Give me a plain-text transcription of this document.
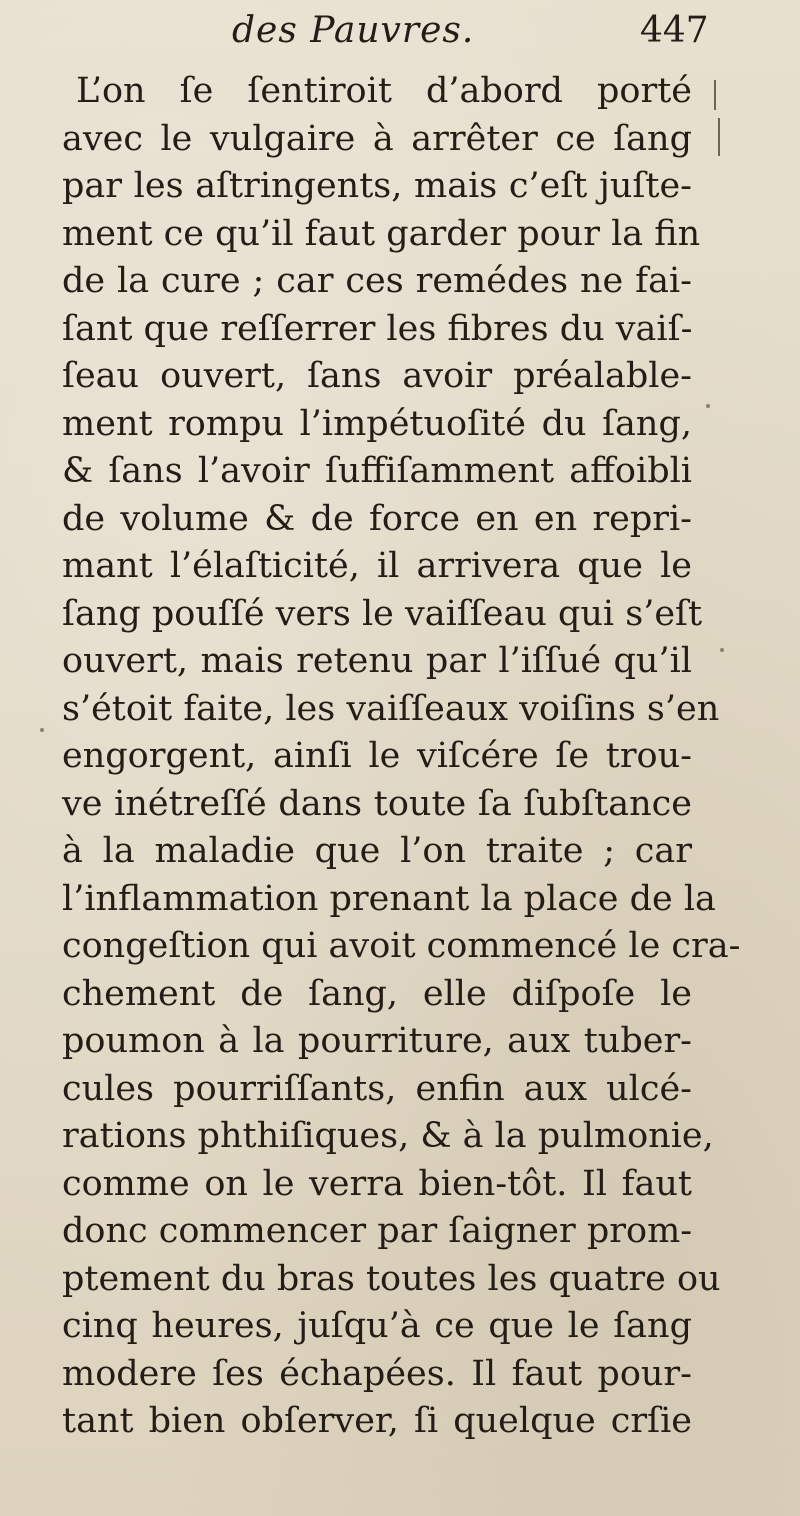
des Pauvres.	447
L’on ſe ſentiroit d’abord porté
avec le vulgaire à arrêter ce ſang
par les aſtringents, mais c’eſt juſte-
ment ce qu’il faut garder pour la fin
de la cure ; car ces remédes ne fai-
ſant que reſſerrer les fibres du vaiſ-
ſeau ouvert, ſans avoir préalable-
ment rompu l’impétuoſité du ſang,
& ſans l’avoir ſuffiſamment affoibli
de volume & de force en en repri-
mant l’élaſticité, il arrivera que le
ſang pouſſé vers le vaiſſeau qui s’eſt
ouvert, mais retenu par l’iſſué qu’il
s’étoit faite, les vaiſſeaux voiſins s’en
engorgent, ainſi le viſcére ſe trou-
ve inétreſſé dans toute ſa ſubſtance
à la maladie que l’on traite ; car
l’inflammation prenant la place de la
congeſtion qui avoit commencé le cra-
chement de ſang, elle diſpoſe le
poumon à la pourriture, aux tuber-
cules pourriſſants, enfin aux ulcé-
rations phthiſiques, & à la pulmonie,
comme on le verra bien-tôt. Il faut
donc commencer par ſaigner prom-
ptement du bras toutes les quatre ou
cinq heures, juſqu’à ce que le ſang
modere ſes échapées. Il faut pour-
tant bien obſerver, ſi quelque crſie
